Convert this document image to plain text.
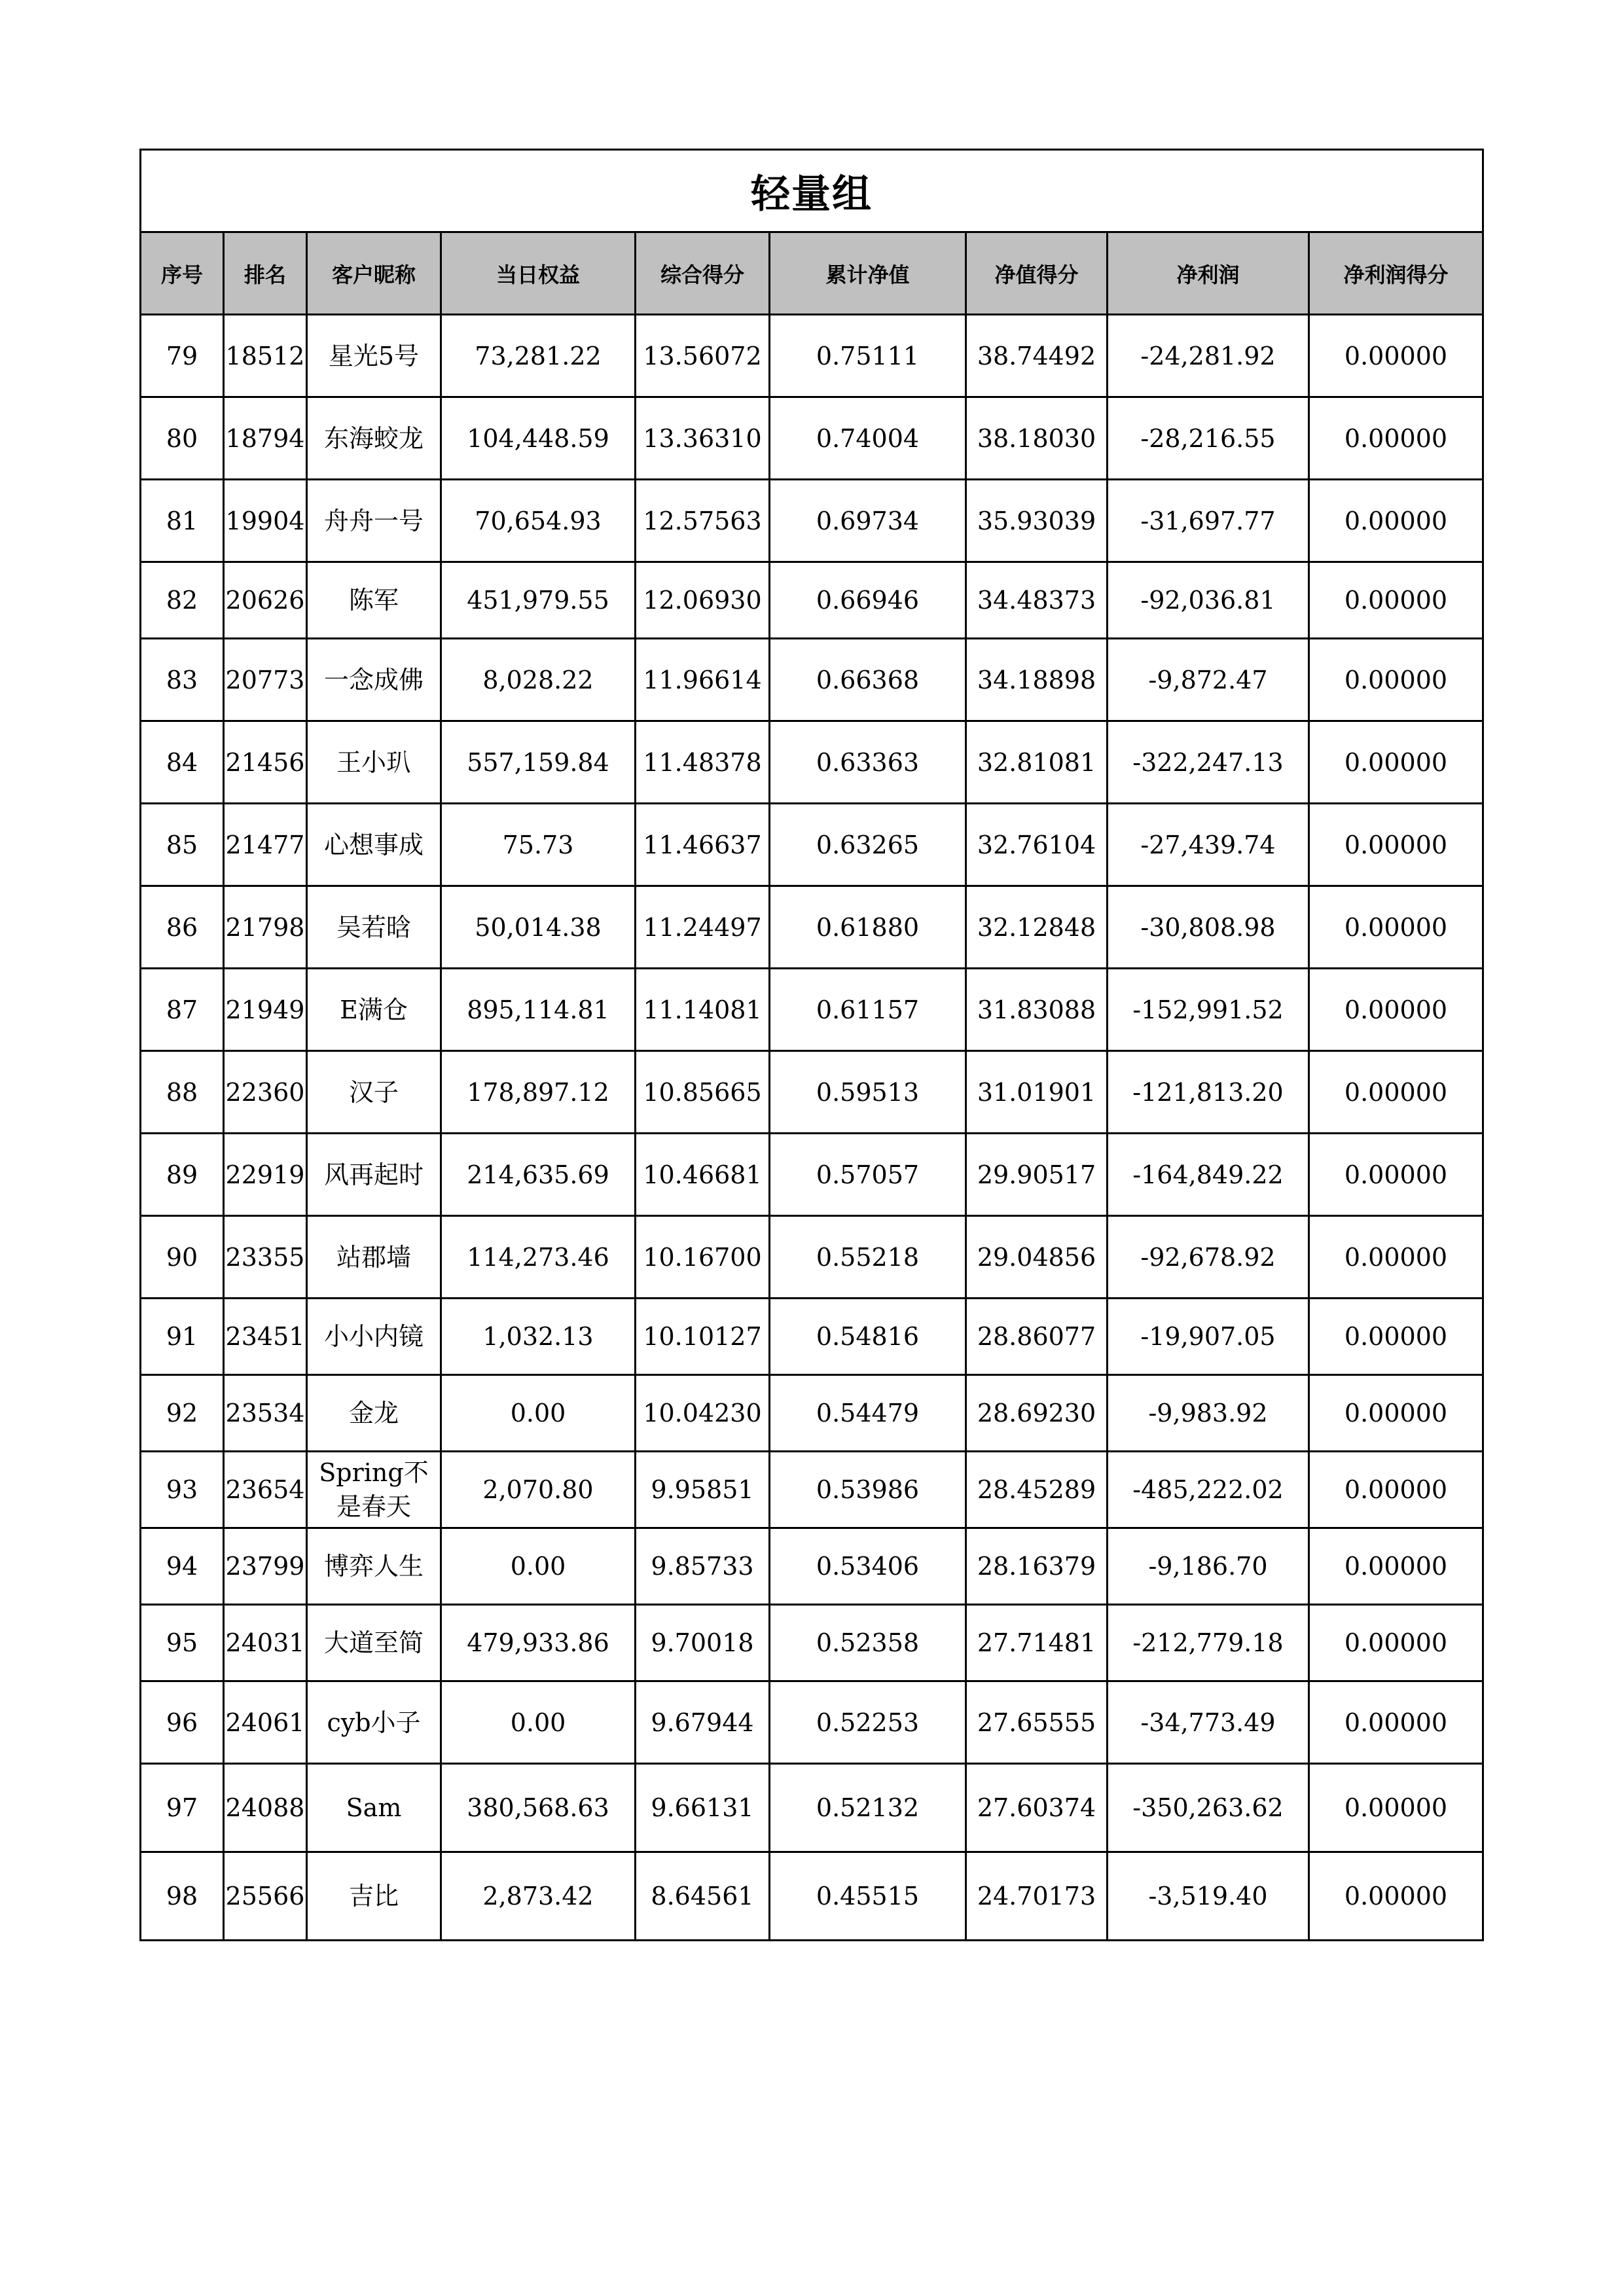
轻量组								
序号	排名	客户昵称	当日权益	综合得分	累计净值	净值得分	净利润	净利润得分
79	18512	星光5号	73,281.22	13.56072	0.75111	38.74492	-24,281.92	0.00000
80	18794	东海蛟龙	104,448.59	13.36310	0.74004	38.18030	-28,216.55	0.00000
81	19904	舟舟一号	70,654.93	12.57563	0.69734	35.93039	-31,697.77	0.00000
82	20626	陈军	451,979.55	12.06930	0.66946	34.48373	-92,036.81	0.00000
83	20773	一念成佛	8,028.22	11.96614	0.66368	34.18898	-9,872.47	0.00000
84	21456	王小玐	557,159.84	11.48378	0.63363	32.81081	-322,247.13	0.00000
85	21477	心想事成	75.73	11.46637	0.63265	32.76104	-27,439.74	0.00000
86	21798	吴若晗	50,014.38	11.24497	0.61880	32.12848	-30,808.98	0.00000
87	21949	E满仓	895,114.81	11.14081	0.61157	31.83088	-152,991.52	0.00000
88	22360	汉子	178,897.12	10.85665	0.59513	31.01901	-121,813.20	0.00000
89	22919	风再起时	214,635.69	10.46681	0.57057	29.90517	-164,849.22	0.00000
90	23355	站郡墙	114,273.46	10.16700	0.55218	29.04856	-92,678.92	0.00000
91	23451	小小内镜	1,032.13	10.10127	0.54816	28.86077	-19,907.05	0.00000
92	23534	金龙	0.00	10.04230	0.54479	28.69230	-9,983.92	0.00000
93	23654	Spring不是春天	2,070.80	9.95851	0.53986	28.45289	-485,222.02	0.00000
94	23799	博弈人生	0.00	9.85733	0.53406	28.16379	-9,186.70	0.00000
95	24031	大道至简	479,933.86	9.70018	0.52358	27.71481	-212,779.18	0.00000
96	24061	cyb小子	0.00	9.67944	0.52253	27.65555	-34,773.49	0.00000
97	24088	Sam	380,568.63	9.66131	0.52132	27.60374	-350,263.62	0.00000
98	25566	吉比	2,873.42	8.64561	0.45515	24.70173	-3,519.40	0.00000
